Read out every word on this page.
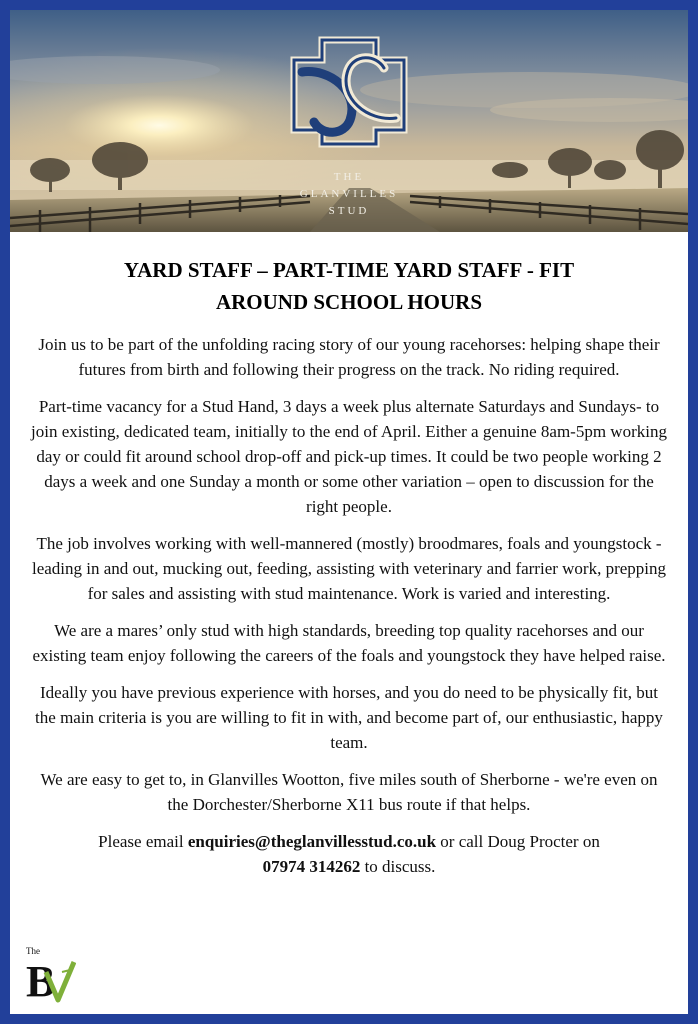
THE
GLANVILLES
STUD
YARD STAFF – PART-TIME YARD STAFF - FIT
AROUND SCHOOL HOURS

Join us to be part of the unfolding racing story of our young racehorses: helping shape their futures from birth and following their progress on the track. No riding required.

Part-time vacancy for a Stud Hand, 3 days a week plus alternate Saturdays and Sundays- to join existing, dedicated team, initially to the end of April. Either a genuine 8am-5pm working day or could fit around school drop-off and pick-up times. It could be two people working 2 days a week and one Sunday a month or some other variation – open to discussion for the right people.

The job involves working with well-mannered (mostly) broodmares, foals and youngstock - leading in and out, mucking out, feeding, assisting with veterinary and farrier work, prepping for sales and assisting with stud maintenance. Work is varied and interesting.

We are a mares’ only stud with high standards, breeding top quality racehorses and our existing team enjoy following the careers of the foals and youngstock they have helped raise.

Ideally you have previous experience with horses, and you do need to be physically fit, but the main criteria is you are willing to fit in with, and become part of, our enthusiastic, happy team.

We are easy to get to, in Glanvilles Wootton, five miles south of Sherborne - we're even on the Dorchester/Sherborne X11 bus route if that helps.

Please email enquiries@theglanvillesstud.co.uk or call Doug Procter on 07974 314262 to discuss.

The
B
